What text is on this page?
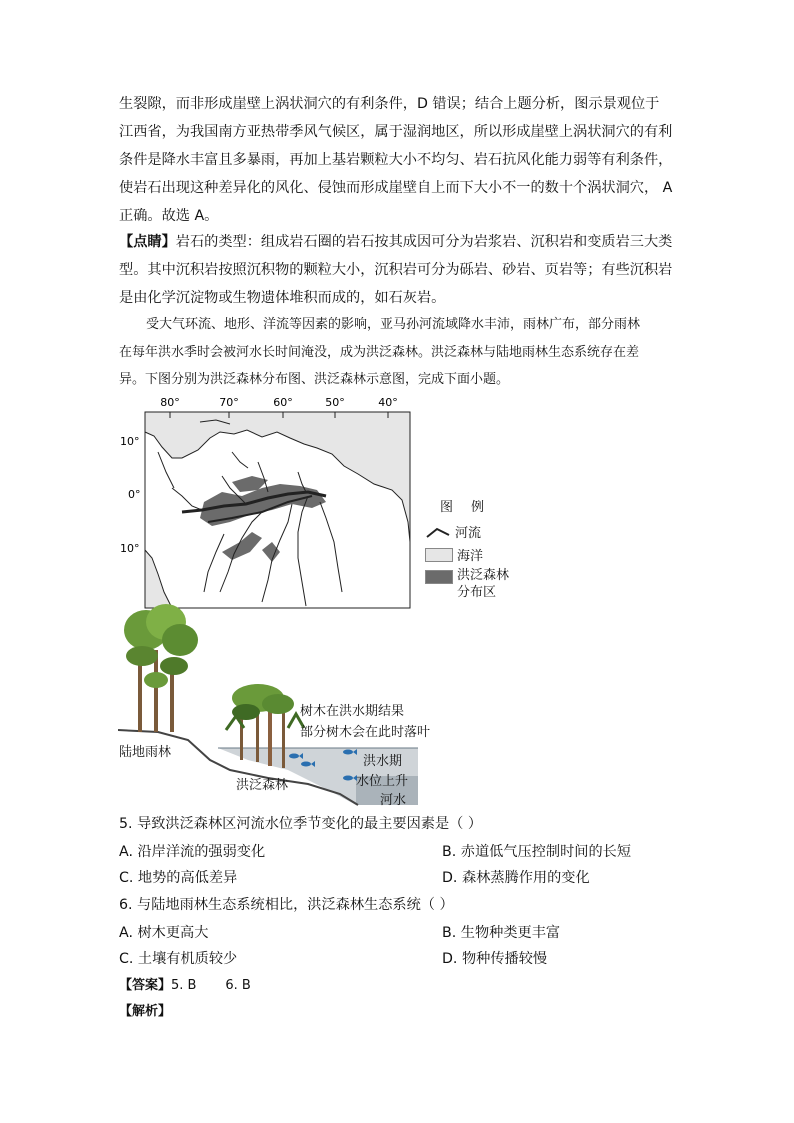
生裂隙，而非形成崖壁上涡状洞穴的有利条件，D 错误；结合上题分析，图示景观位于
江西省，为我国南方亚热带季风气候区，属于湿润地区，所以形成崖壁上涡状洞穴的有利
条件是降水丰富且多暴雨，再加上基岩颗粒大小不均匀、岩石抗风化能力弱等有利条件，
使岩石出现这种差异化的风化、侵蚀而形成崖壁自上而下大小不一的数十个涡状洞穴， A
正确。故选 A。
【点睛】岩石的类型：组成岩石圈的岩石按其成因可分为岩浆岩、沉积岩和变质岩三大类
型。其中沉积岩按照沉积物的颗粒大小，沉积岩可分为砾岩、砂岩、页岩等；有些沉积岩
是由化学沉淀物或生物遗体堆积而成的，如石灰岩。
受大气环流、地形、洋流等因素的影响，亚马孙河流域降水丰沛，雨林广布，部分雨林
在每年洪水季时会被河水长时间淹没，成为洪泛森林。洪泛森林与陆地雨林生态系统存在差
异。下图分别为洪泛森林分布图、洪泛森林示意图，完成下面小题。
80°	70°	60°	50°	40°
10°
0°
10°
图例
河流
海洋
洪泛森林
分布区
陆地雨林
洪泛森林
树木在洪水期结果
部分树木会在此时落叶
洪水期
水位上升
河水
5. 导致洪泛森林区河流水位季节变化的最主要因素是（ ）
A. 沿岸洋流的强弱变化	B. 赤道低气压控制时间的长短
C. 地势的高低差异	D. 森林蒸腾作用的变化
6. 与陆地雨林生态系统相比，洪泛森林生态系统（ ）
A. 树木更高大	B. 生物种类更丰富
C. 土壤有机质较少	D. 物种传播较慢
【答案】5. B       6. B
【解析】
